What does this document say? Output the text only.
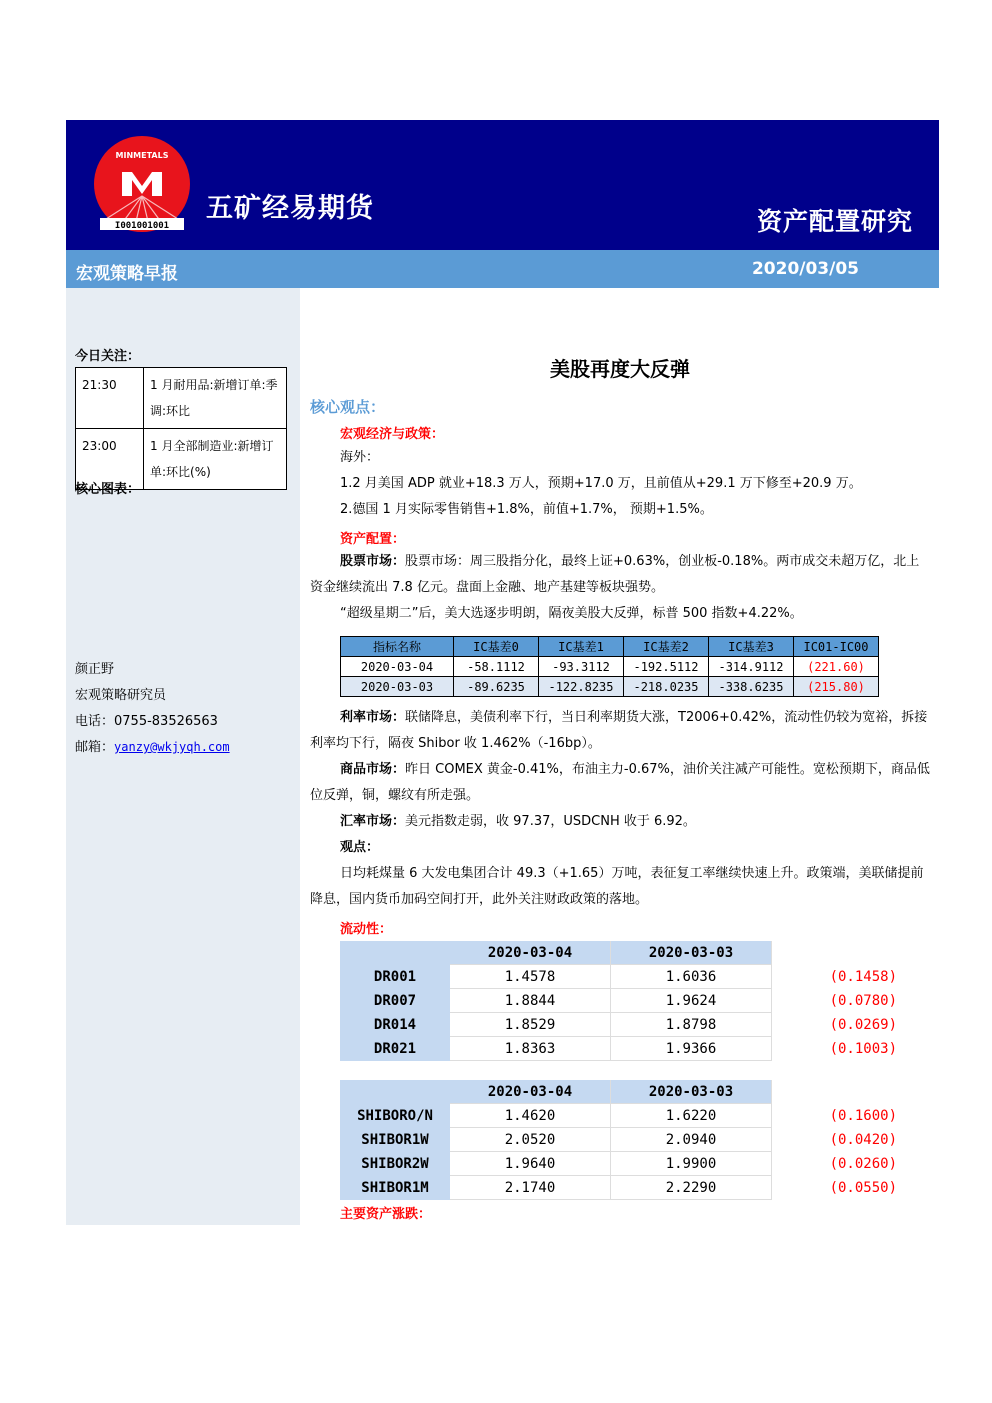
I001001001
MINMETALS
五矿经易期货	资产配置研究
宏观策略早报	2020/03/05
今日关注：
21:30	1 月耐用品:新增订单:季调:环比
23:00	1 月全部制造业:新增订单:环比(%)
核心图表：
颜正野
宏观策略研究员
电话：0755-83526563
邮箱：yanzy@wkjyqh.com
美股再度大反弹
核心观点：
宏观经济与政策：
海外：
1.2 月美国 ADP 就业+18.3 万人，预期+17.0 万，且前值从+29.1 万下修至+20.9 万。
2.德国 1 月实际零售销售+1.8%，前值+1.7%， 预期+1.5%。
资产配置：
股票市场：股票市场：周三股指分化，最终上证+0.63%，创业板-0.18%。两市成交未超万亿，北上资金继续流出 7.8 亿元。盘面上金融、地产基建等板块强势。
“超级星期二”后，美大选逐步明朗，隔夜美股大反弹，标普 500 指数+4.22%。
指标名称	IC基差0	IC基差1	IC基差2	IC基差3	IC01-IC00
2020-03-04	-58.1112	-93.3112	-192.5112	-314.9112	(221.60)
2020-03-03	-89.6235	-122.8235	-218.0235	-338.6235	(215.80)
利率市场：联储降息，美债利率下行，当日利率期货大涨，T2006+0.42%，流动性仍较为宽裕，拆接利率均下行，隔夜 Shibor 收 1.462%（-16bp）。
商品市场：昨日 COMEX 黄金-0.41%，布油主力-0.67%，油价关注减产可能性。宽松预期下，商品低位反弹，铜，螺纹有所走强。
汇率市场：美元指数走弱，收 97.37，USDCNH 收于 6.92。
观点：
日均耗煤量 6 大发电集团合计 49.3（+1.65）万吨，表征复工率继续快速上升。政策端，美联储提前降息，国内货币加码空间打开，此外关注财政政策的落地。
流动性：
	2020-03-04	2020-03-03	
DR001	1.4578	1.6036	(0.1458)
DR007	1.8844	1.9624	(0.0780)
DR014	1.8529	1.8798	(0.0269)
DR021	1.8363	1.9366	(0.1003)
	2020-03-04	2020-03-03	
SHIBORO/N	1.4620	1.6220	(0.1600)
SHIBOR1W	2.0520	2.0940	(0.0420)
SHIBOR2W	1.9640	1.9900	(0.0260)
SHIBOR1M	2.1740	2.2290	(0.0550)
主要资产涨跌：
